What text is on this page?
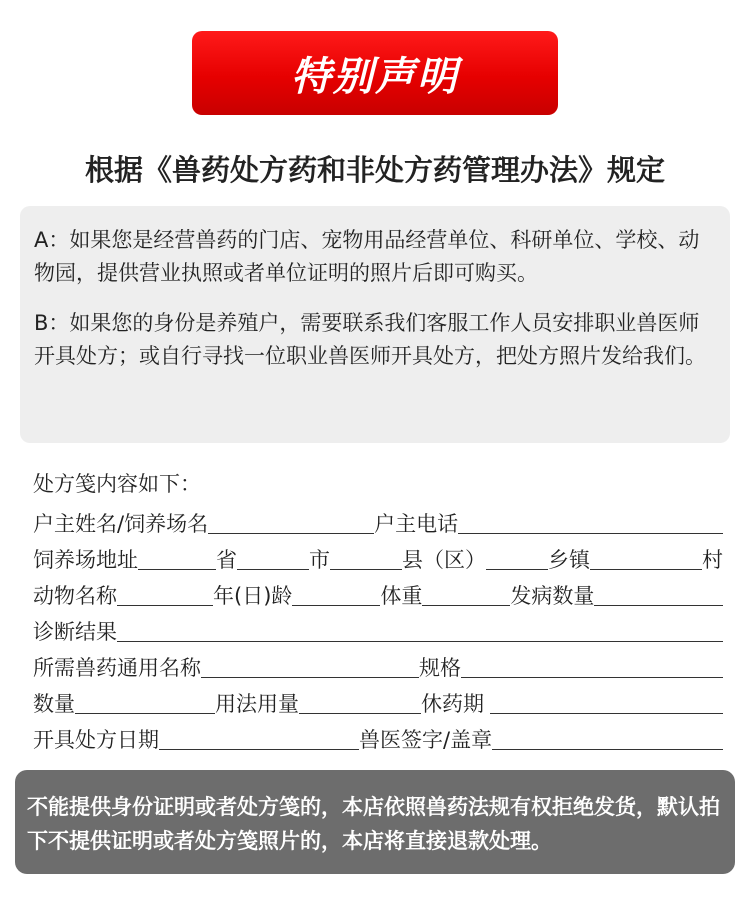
特别声明
根据《兽药处方药和非处方药管理办法》规定

A：如果您是经营兽药的门店、宠物用品经营单位、科研单位、学校、动物园，提供营业执照或者单位证明的照片后即可购买。

B：如果您的身份是养殖户，需要联系我们客服工作人员安排职业兽医师开具处方；或自行寻找一位职业兽医师开具处方，把处方照片发给我们。

处方笺内容如下：
户主姓名/饲养场名	户主电话
饲养场地址	省	市	县（区）	乡镇	村
动物名称	年(日)龄	体重	发病数量
诊断结果
所需兽药通用名称	规格
数量	用法用量	休药期
开具处方日期	兽医签字/盖章

不能提供身份证明或者处方笺的，本店依照兽药法规有权拒绝发货，默认拍下不提供证明或者处方笺照片的，本店将直接退款处理。
